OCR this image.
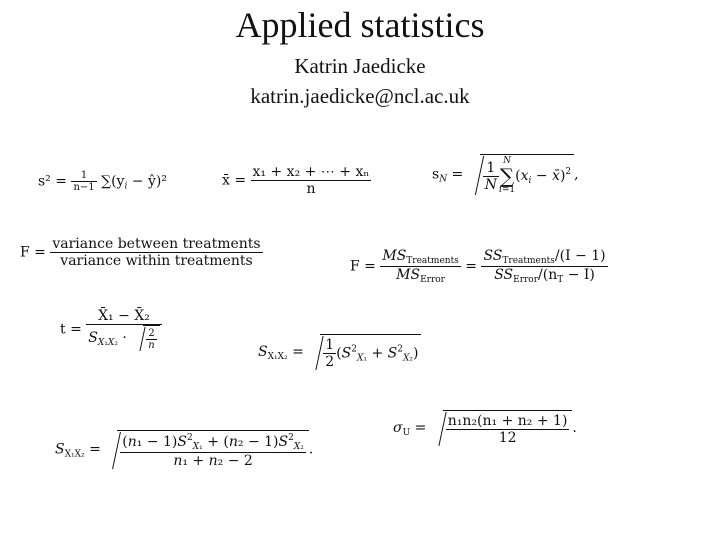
Applied statistics
Katrin Jaedicke
katrin.jaedicke@ncl.ac.uk
$s^2 = \frac{1}{n-1} \sum(y_i$ − ŷ)²	x̄ = $\frac{\text{x₁ + x₂ + ⋯ + xₙ}}{n}$	$s_N = \frac{1}{N}$ N
∑
i=1
($x_i$ − x̄)$^2$ ,
$F = \frac{\text{variance between treatments}}{\text{variance within treatments}}$	$F = \frac{MS_{Treatments}}{MS_{Error}} = \frac{SS_{Treatments}/(I - 1)}{SS_{Error}/(n_T - I)}$
$t = \frac{\text{X̄₁ − X̄₂}}{S_{X_1X_2} \cdot \frac{2}{n}}$
$S_{X_1X_2} = \frac{1}{2} (S^2_{X_1} + S^2_{X_2})$
$S_{X_1X_2} = \frac{(n_1 - 1)S^2_{X_1} + (n_2 - 1)S^2_{X_2}}{\text{n₁ + n₂ − 2}}$ .
$\sigma_U = \frac{\text{n₁n₂(n₁ + n₂ + 1)}}{12}$ .
